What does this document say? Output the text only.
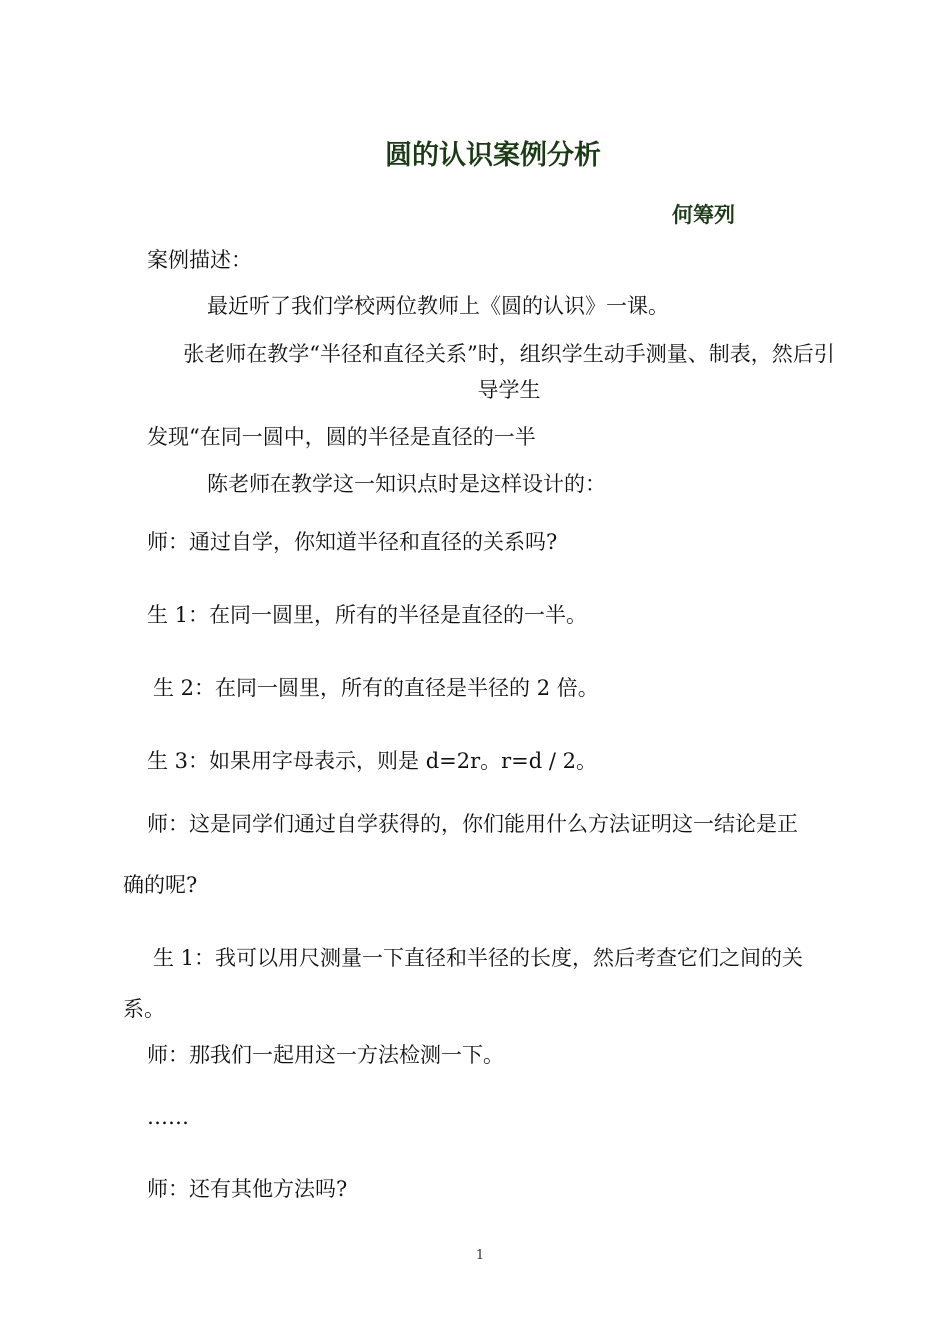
圆的认识案例分析
何筹列
案例描述：
最近听了我们学校两位教师上《圆的认识》一课。
张老师在教学“半径和直径关系”时，组织学生动手测量、制表，然后引导学生
发现“在同一圆中，圆的半径是直径的一半
陈老师在教学这一知识点时是这样设计的：
师：通过自学，你知道半径和直径的关系吗?
生 1：在同一圆里，所有的半径是直径的一半。
生 2：在同一圆里，所有的直径是半径的 2 倍。
生 3：如果用字母表示，则是 d=2r。r=d / 2。
师：这是同学们通过自学获得的，你们能用什么方法证明这一结论是正
确的呢?
生 1：我可以用尺测量一下直径和半径的长度，然后考查它们之间的关
系。
师：那我们一起用这一方法检测一下。
……
师：还有其他方法吗?
1
